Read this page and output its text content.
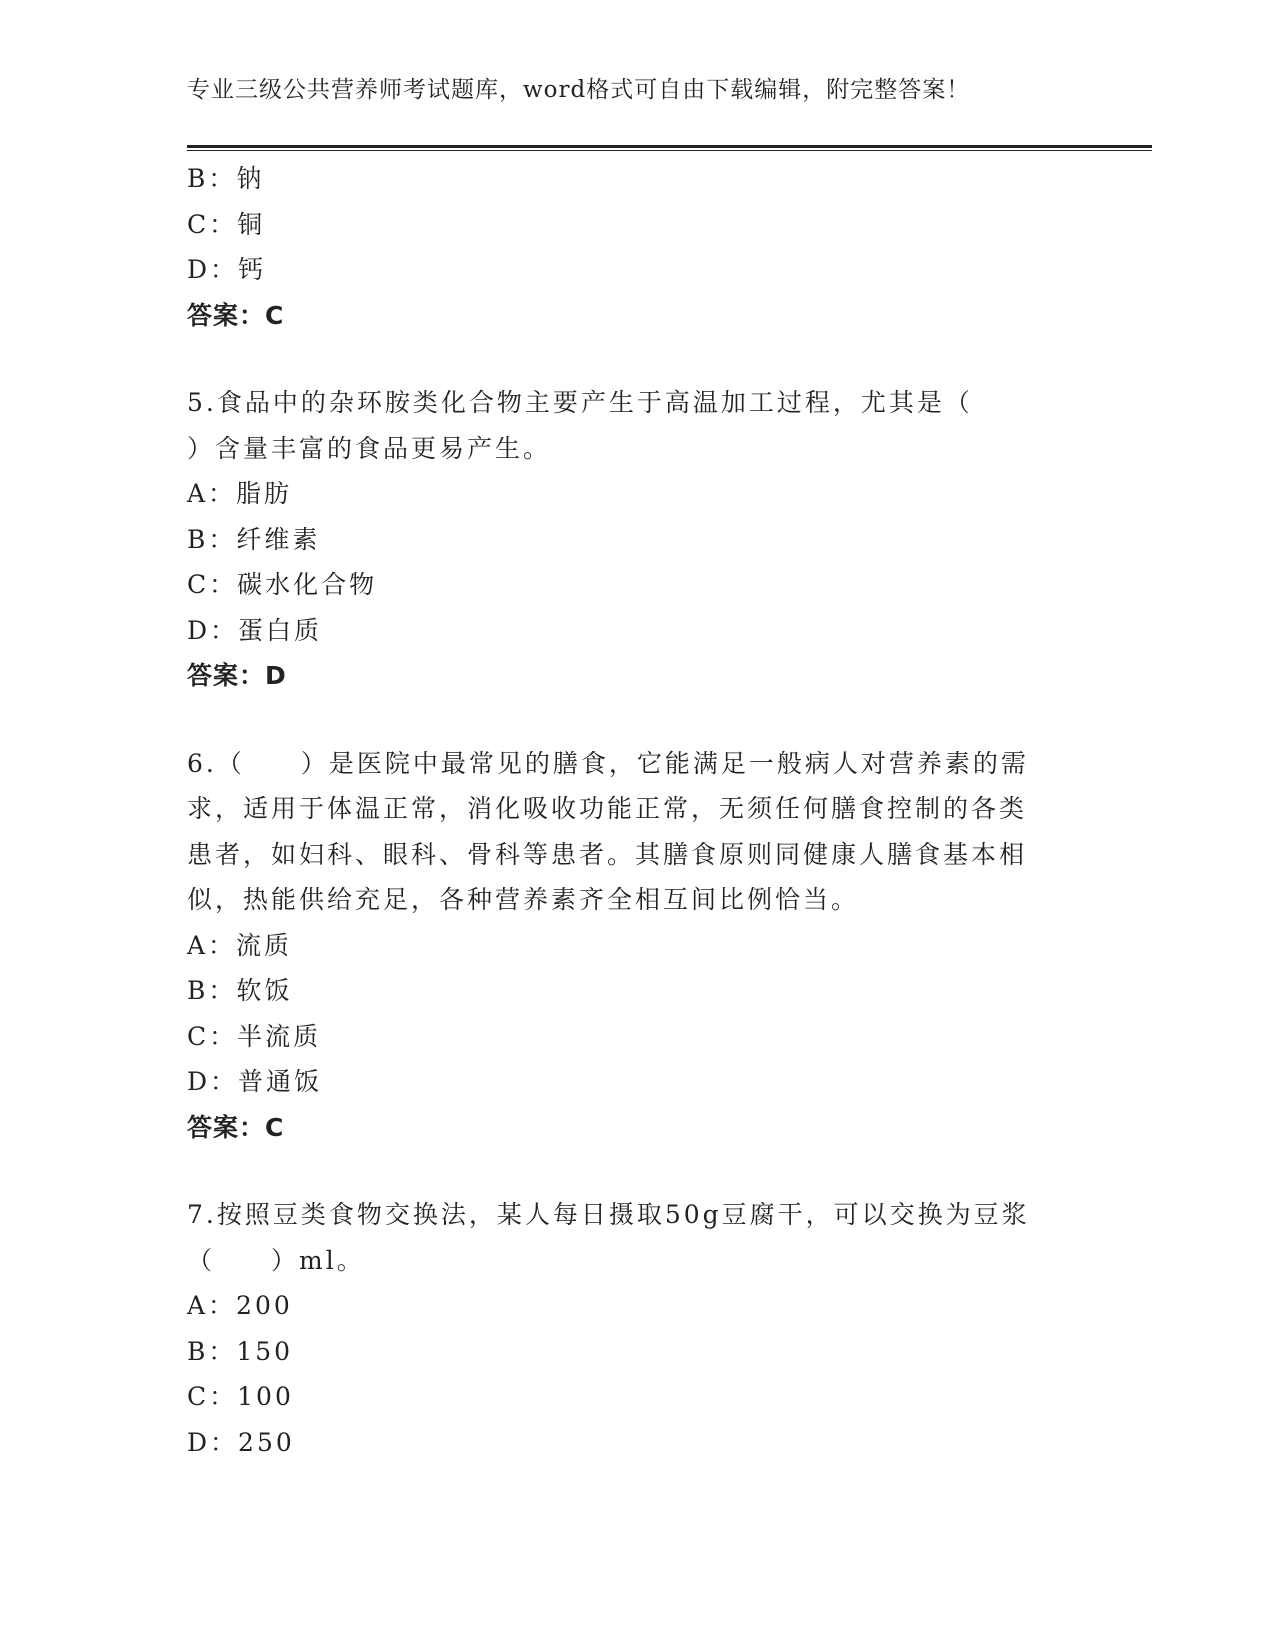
专业三级公共营养师考试题库，word格式可自由下载编辑，附完整答案！
B：钠
C：铜
D：钙
答案：C
5.食品中的杂环胺类化合物主要产生于高温加工过程，尤其是（
）含量丰富的食品更易产生。
A：脂肪
B：纤维素
C：碳水化合物
D：蛋白质
答案：D
6.（　　）是医院中最常见的膳食，它能满足一般病人对营养素的需
求，适用于体温正常，消化吸收功能正常，无须任何膳食控制的各类
患者，如妇科、眼科、骨科等患者。其膳食原则同健康人膳食基本相
似，热能供给充足，各种营养素齐全相互间比例恰当。
A：流质
B：软饭
C：半流质
D：普通饭
答案：C
7.按照豆类食物交换法，某人每日摄取50g豆腐干，可以交换为豆浆
（　　）ml。
A：200
B：150
C：100
D：250
